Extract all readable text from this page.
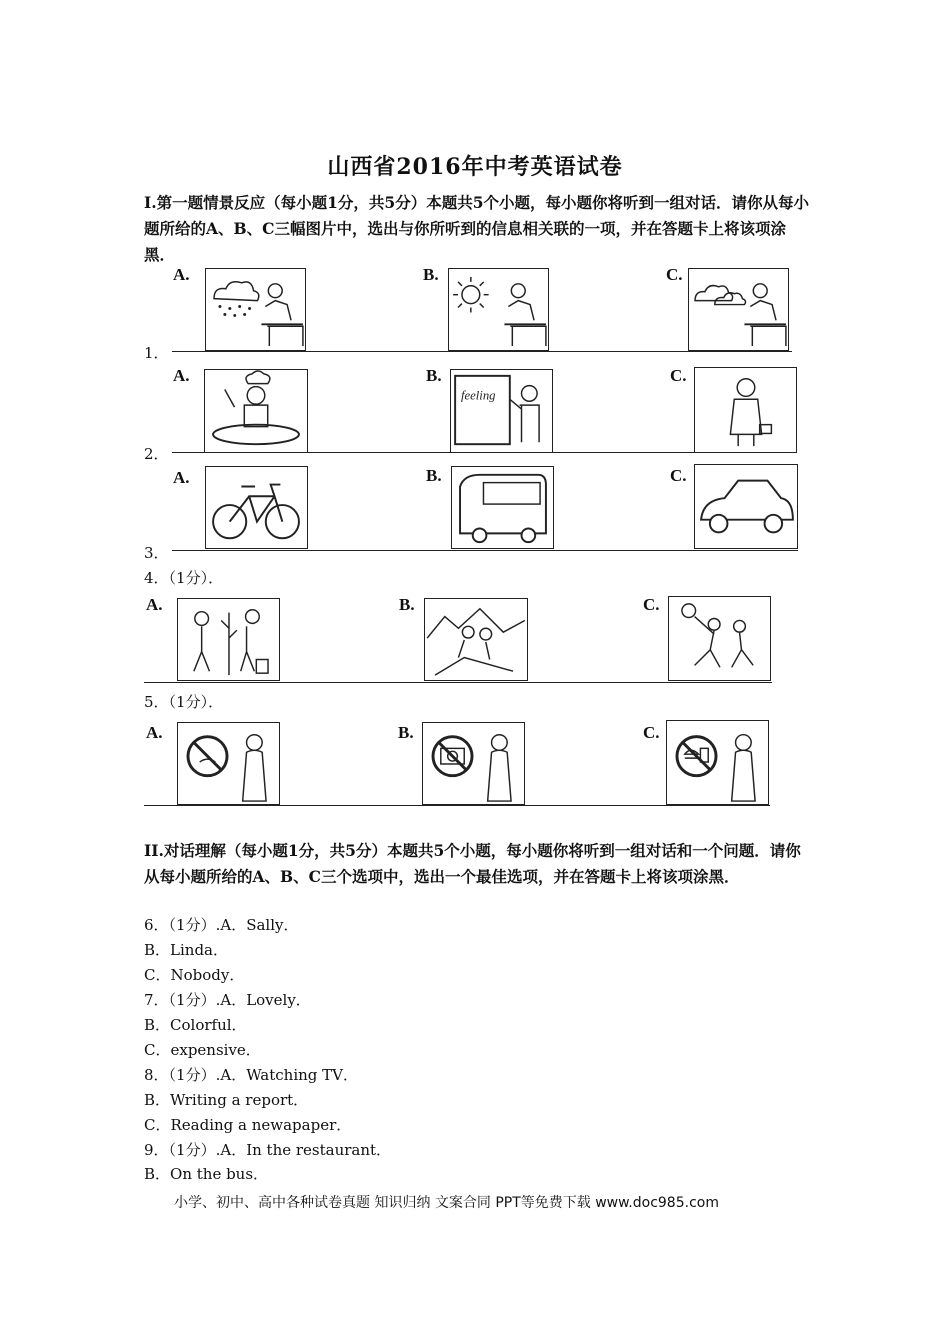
山西省2016年中考英语试卷
I.第一题情景反应（每小题1分，共5分）本题共5个小题，每小题你将听到一组对话．请你从每小题所给的A、B、C三幅图片中，选出与你所听到的信息相关联的一项，并在答题卡上将该项涂黑．
A.	B.	C.
1．
A.	B.	C.
feeling
2．
A.	B.	C.
3．
4．（1分）．
A.	B.	C.
5．（1分）．
A.	B.	C.
II.对话理解（每小题1分，共5分）本题共5个小题，每小题你将听到一组对话和一个问题．请你从每小题所给的A、B、C三个选项中，选出一个最佳选项，并在答题卡上将该项涂黑．
6．（1分）.A．Sally．
B．Linda．
C．Nobody．
7．（1分）.A．Lovely．
B．Colorful．
C．expensive．
8．（1分）.A．Watching TV．
B．Writing a report．
C．Reading a newapaper．
9．（1分）.A．In the restaurant．
B．On the bus．
小学、初中、高中各种试卷真题 知识归纳 文案合同 PPT等免费下载 www.doc985.com
